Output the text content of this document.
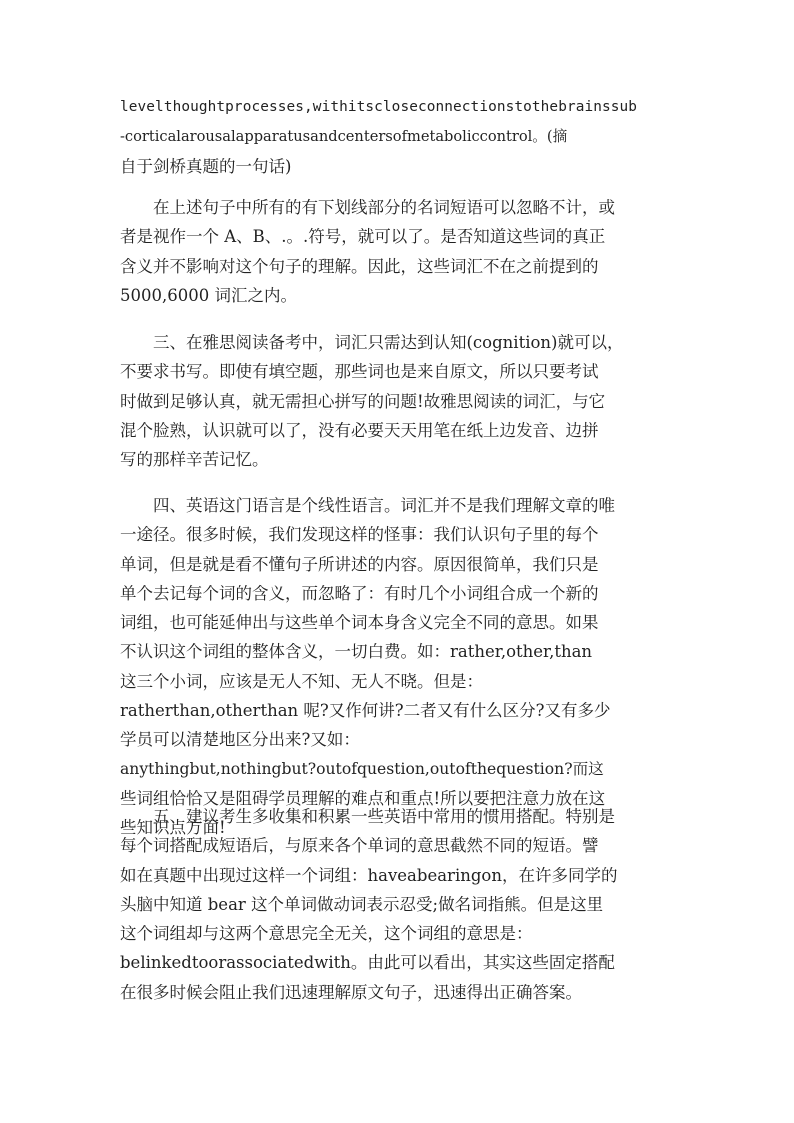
levelthoughtprocesses,withitscloseconnectionstothebrainssub
-corticalarousalapparatusandcentersofmetaboliccontrol。(摘
自于剑桥真题的一句话)
在上述句子中所有的有下划线部分的名词短语可以忽略不计，或
者是视作一个 A、B、.。.符号，就可以了。是否知道这些词的真正
含义并不影响对这个句子的理解。因此，这些词汇不在之前提到的
5000,6000 词汇之内。
三、在雅思阅读备考中，词汇只需达到认知(cognition)就可以，
不要求书写。即使有填空题，那些词也是来自原文，所以只要考试
时做到足够认真，就无需担心拼写的问题!故雅思阅读的词汇，与它
混个脸熟，认识就可以了，没有必要天天用笔在纸上边发音、边拼
写的那样辛苦记忆。
四、英语这门语言是个线性语言。词汇并不是我们理解文章的唯
一途径。很多时候，我们发现这样的怪事：我们认识句子里的每个
单词，但是就是看不懂句子所讲述的内容。原因很简单，我们只是
单个去记每个词的含义，而忽略了：有时几个小词组合成一个新的
词组，也可能延伸出与这些单个词本身含义完全不同的意思。如果
不认识这个词组的整体含义，一切白费。如：rather,other,than
这三个小词，应该是无人不知、无人不晓。但是：
ratherthan,otherthan 呢?又作何讲?二者又有什么区分?又有多少
学员可以清楚地区分出来?又如：
anythingbut,nothingbut?outofquestion,outofthequestion?而这
些词组恰恰又是阻碍学员理解的难点和重点!所以要把注意力放在这
些知识点方面!
五、建议考生多收集和积累一些英语中常用的惯用搭配。特别是
每个词搭配成短语后，与原来各个单词的意思截然不同的短语。譬
如在真题中出现过这样一个词组：haveabearingon，在许多同学的
头脑中知道 bear 这个单词做动词表示忍受;做名词指熊。但是这里
这个词组却与这两个意思完全无关，这个词组的意思是：
belinkedtoorassociatedwith。由此可以看出，其实这些固定搭配
在很多时候会阻止我们迅速理解原文句子，迅速得出正确答案。
